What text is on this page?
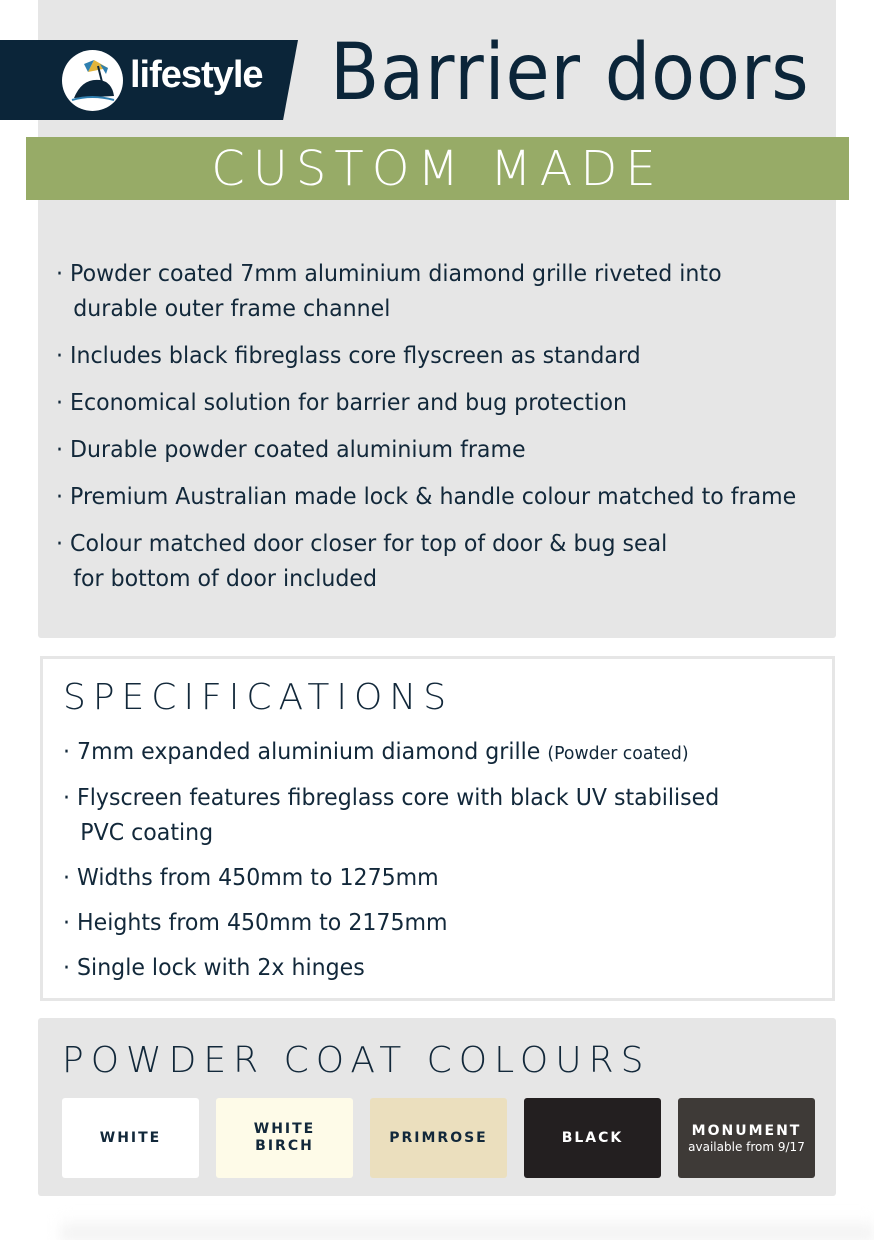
lifestyle Barrier doors
CUSTOM MADE
· Powder coated 7mm aluminium diamond grille riveted into durable outer frame channel
· Includes black fibreglass core flyscreen as standard
· Economical solution for barrier and bug protection
· Durable powder coated aluminium frame
· Premium Australian made lock & handle colour matched to frame
· Colour matched door closer for top of door & bug seal for bottom of door included
SPECIFICATIONS
· 7mm expanded aluminium diamond grille (Powder coated)
· Flyscreen features fibreglass core with black UV stabilised PVC coating
· Widths from 450mm to 1275mm
· Heights from 450mm to 2175mm
· Single lock with 2x hinges
POWDER COAT COLOURS
WHITE
WHITE BIRCH
PRIMROSE	BLACK	MONUMENT
available from 9/17
